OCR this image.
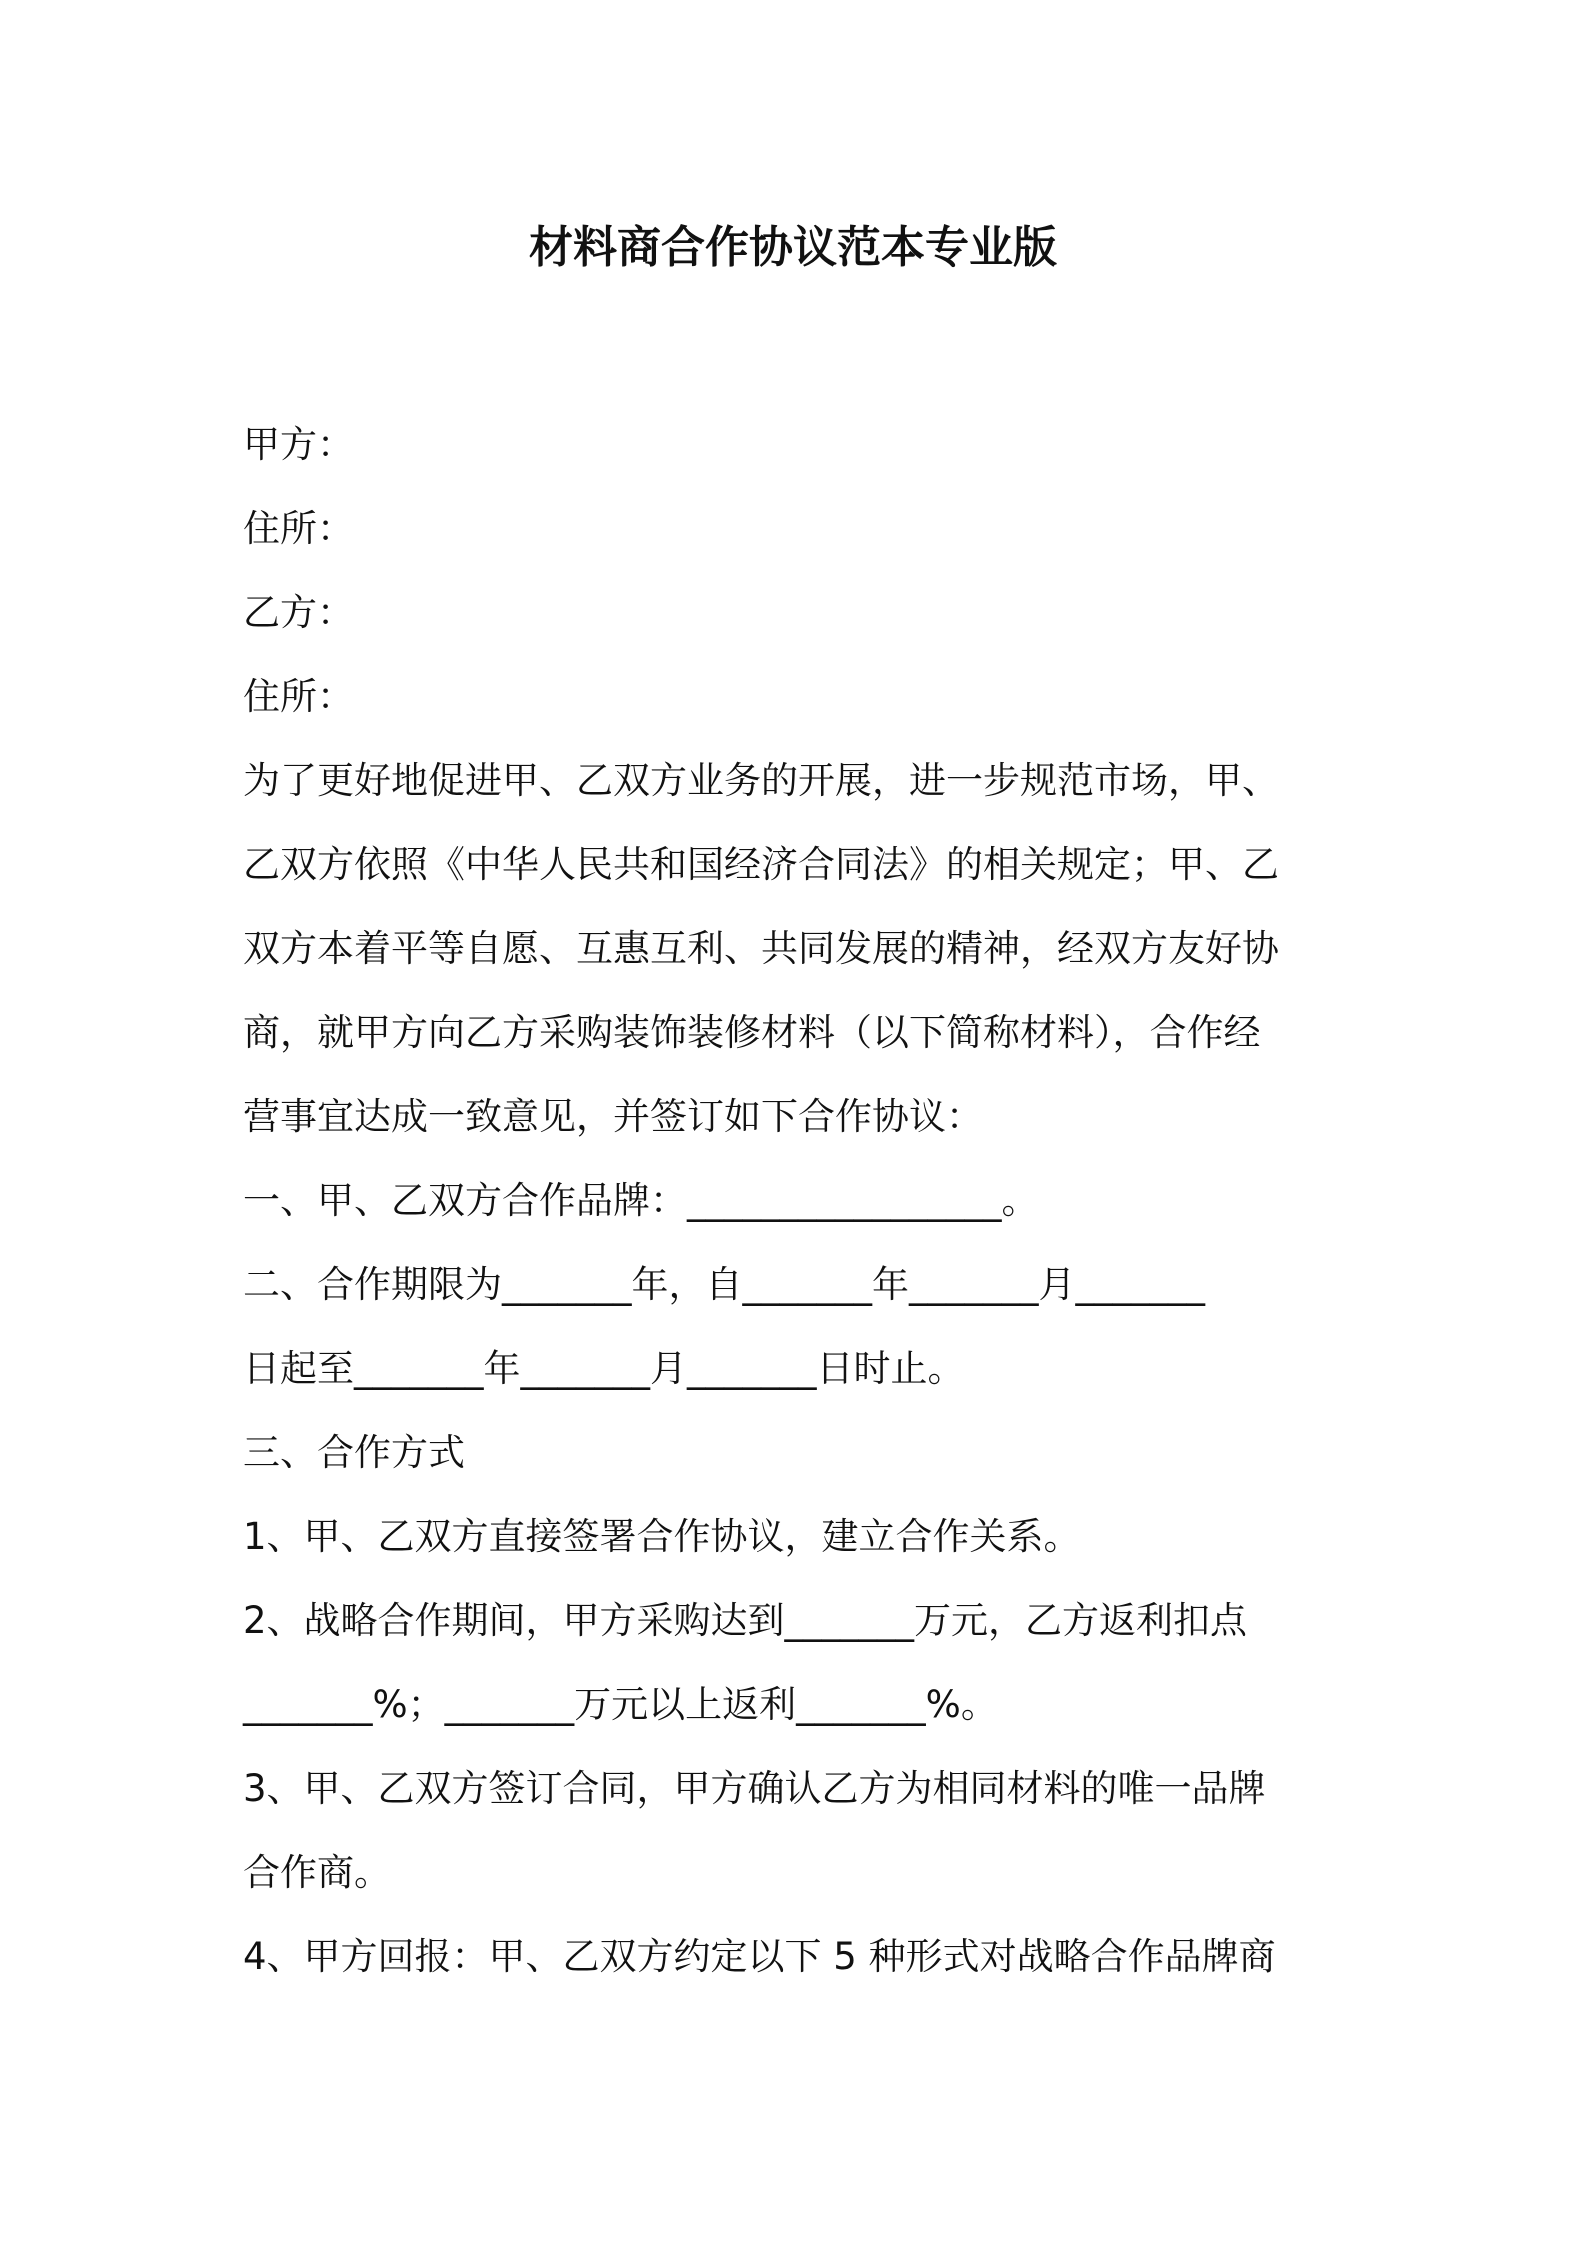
材料商合作协议范本专业版

甲方：

住所：

乙方：

住所：

为了更好地促进甲、乙双方业务的开展，进一步规范市场，甲、

乙双方依照《中华人民共和国经济合同法》的相关规定；甲、乙

双方本着平等自愿、互惠互利、共同发展的精神，经双方友好协

商，就甲方向乙方采购装饰装修材料（以下简称材料），合作经

营事宜达成一致意见，并签订如下合作协议：

一、甲、乙双方合作品牌：_________________。

二、合作期限为_______年，自_______年_______月_______

日起至_______年_______月_______日时止。

三、合作方式

1、甲、乙双方直接签署合作协议，建立合作关系。

2、战略合作期间，甲方采购达到_______万元，乙方返利扣点

_______%；_______万元以上返利_______%。

3、甲、乙双方签订合同，甲方确认乙方为相同材料的唯一品牌

合作商。

4、甲方回报：甲、乙双方约定以下 5 种形式对战略合作品牌商
